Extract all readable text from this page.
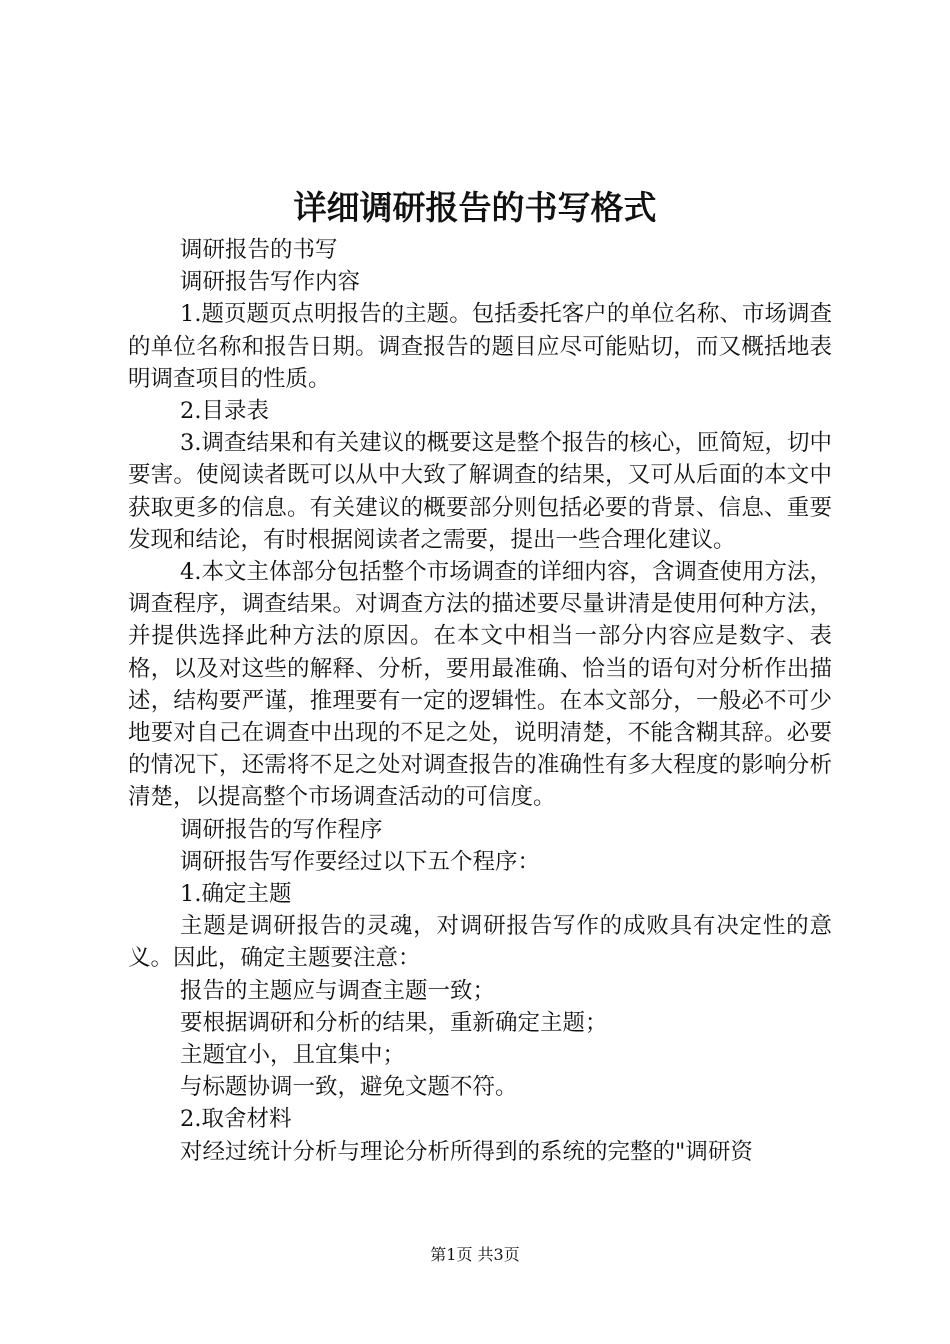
详细调研报告的书写格式

调研报告的书写

调研报告写作内容

1.题页题页点明报告的主题。包括委托客户的单位名称、市场调查的单位名称和报告日期。调查报告的题目应尽可能贴切，而又概括地表明调查项目的性质。

2.目录表

3.调查结果和有关建议的概要这是整个报告的核心，匝简短，切中要害。使阅读者既可以从中大致了解调查的结果，又可从后面的本文中获取更多的信息。有关建议的概要部分则包括必要的背景、信息、重要发现和结论，有时根据阅读者之需要，提出一些合理化建议。

4.本文主体部分包括整个市场调查的详细内容，含调查使用方法，调查程序，调查结果。对调查方法的描述要尽量讲清是使用何种方法，并提供选择此种方法的原因。在本文中相当一部分内容应是数字、表格，以及对这些的解释、分析，要用最准确、恰当的语句对分析作出描述，结构要严谨，推理要有一定的逻辑性。在本文部分，一般必不可少地要对自己在调查中出现的不足之处，说明清楚，不能含糊其辞。必要的情况下，还需将不足之处对调查报告的准确性有多大程度的影响分析清楚，以提高整个市场调查活动的可信度。

调研报告的写作程序

调研报告写作要经过以下五个程序：

1.确定主题

主题是调研报告的灵魂，对调研报告写作的成败具有决定性的意义。因此，确定主题要注意：

报告的主题应与调查主题一致；

要根据调研和分析的结果，重新确定主题；

主题宜小，且宜集中；

与标题协调一致，避免文题不符。

2.取舍材料

对经过统计分析与理论分析所得到的系统的完整的"调研资

第1页 共3页
